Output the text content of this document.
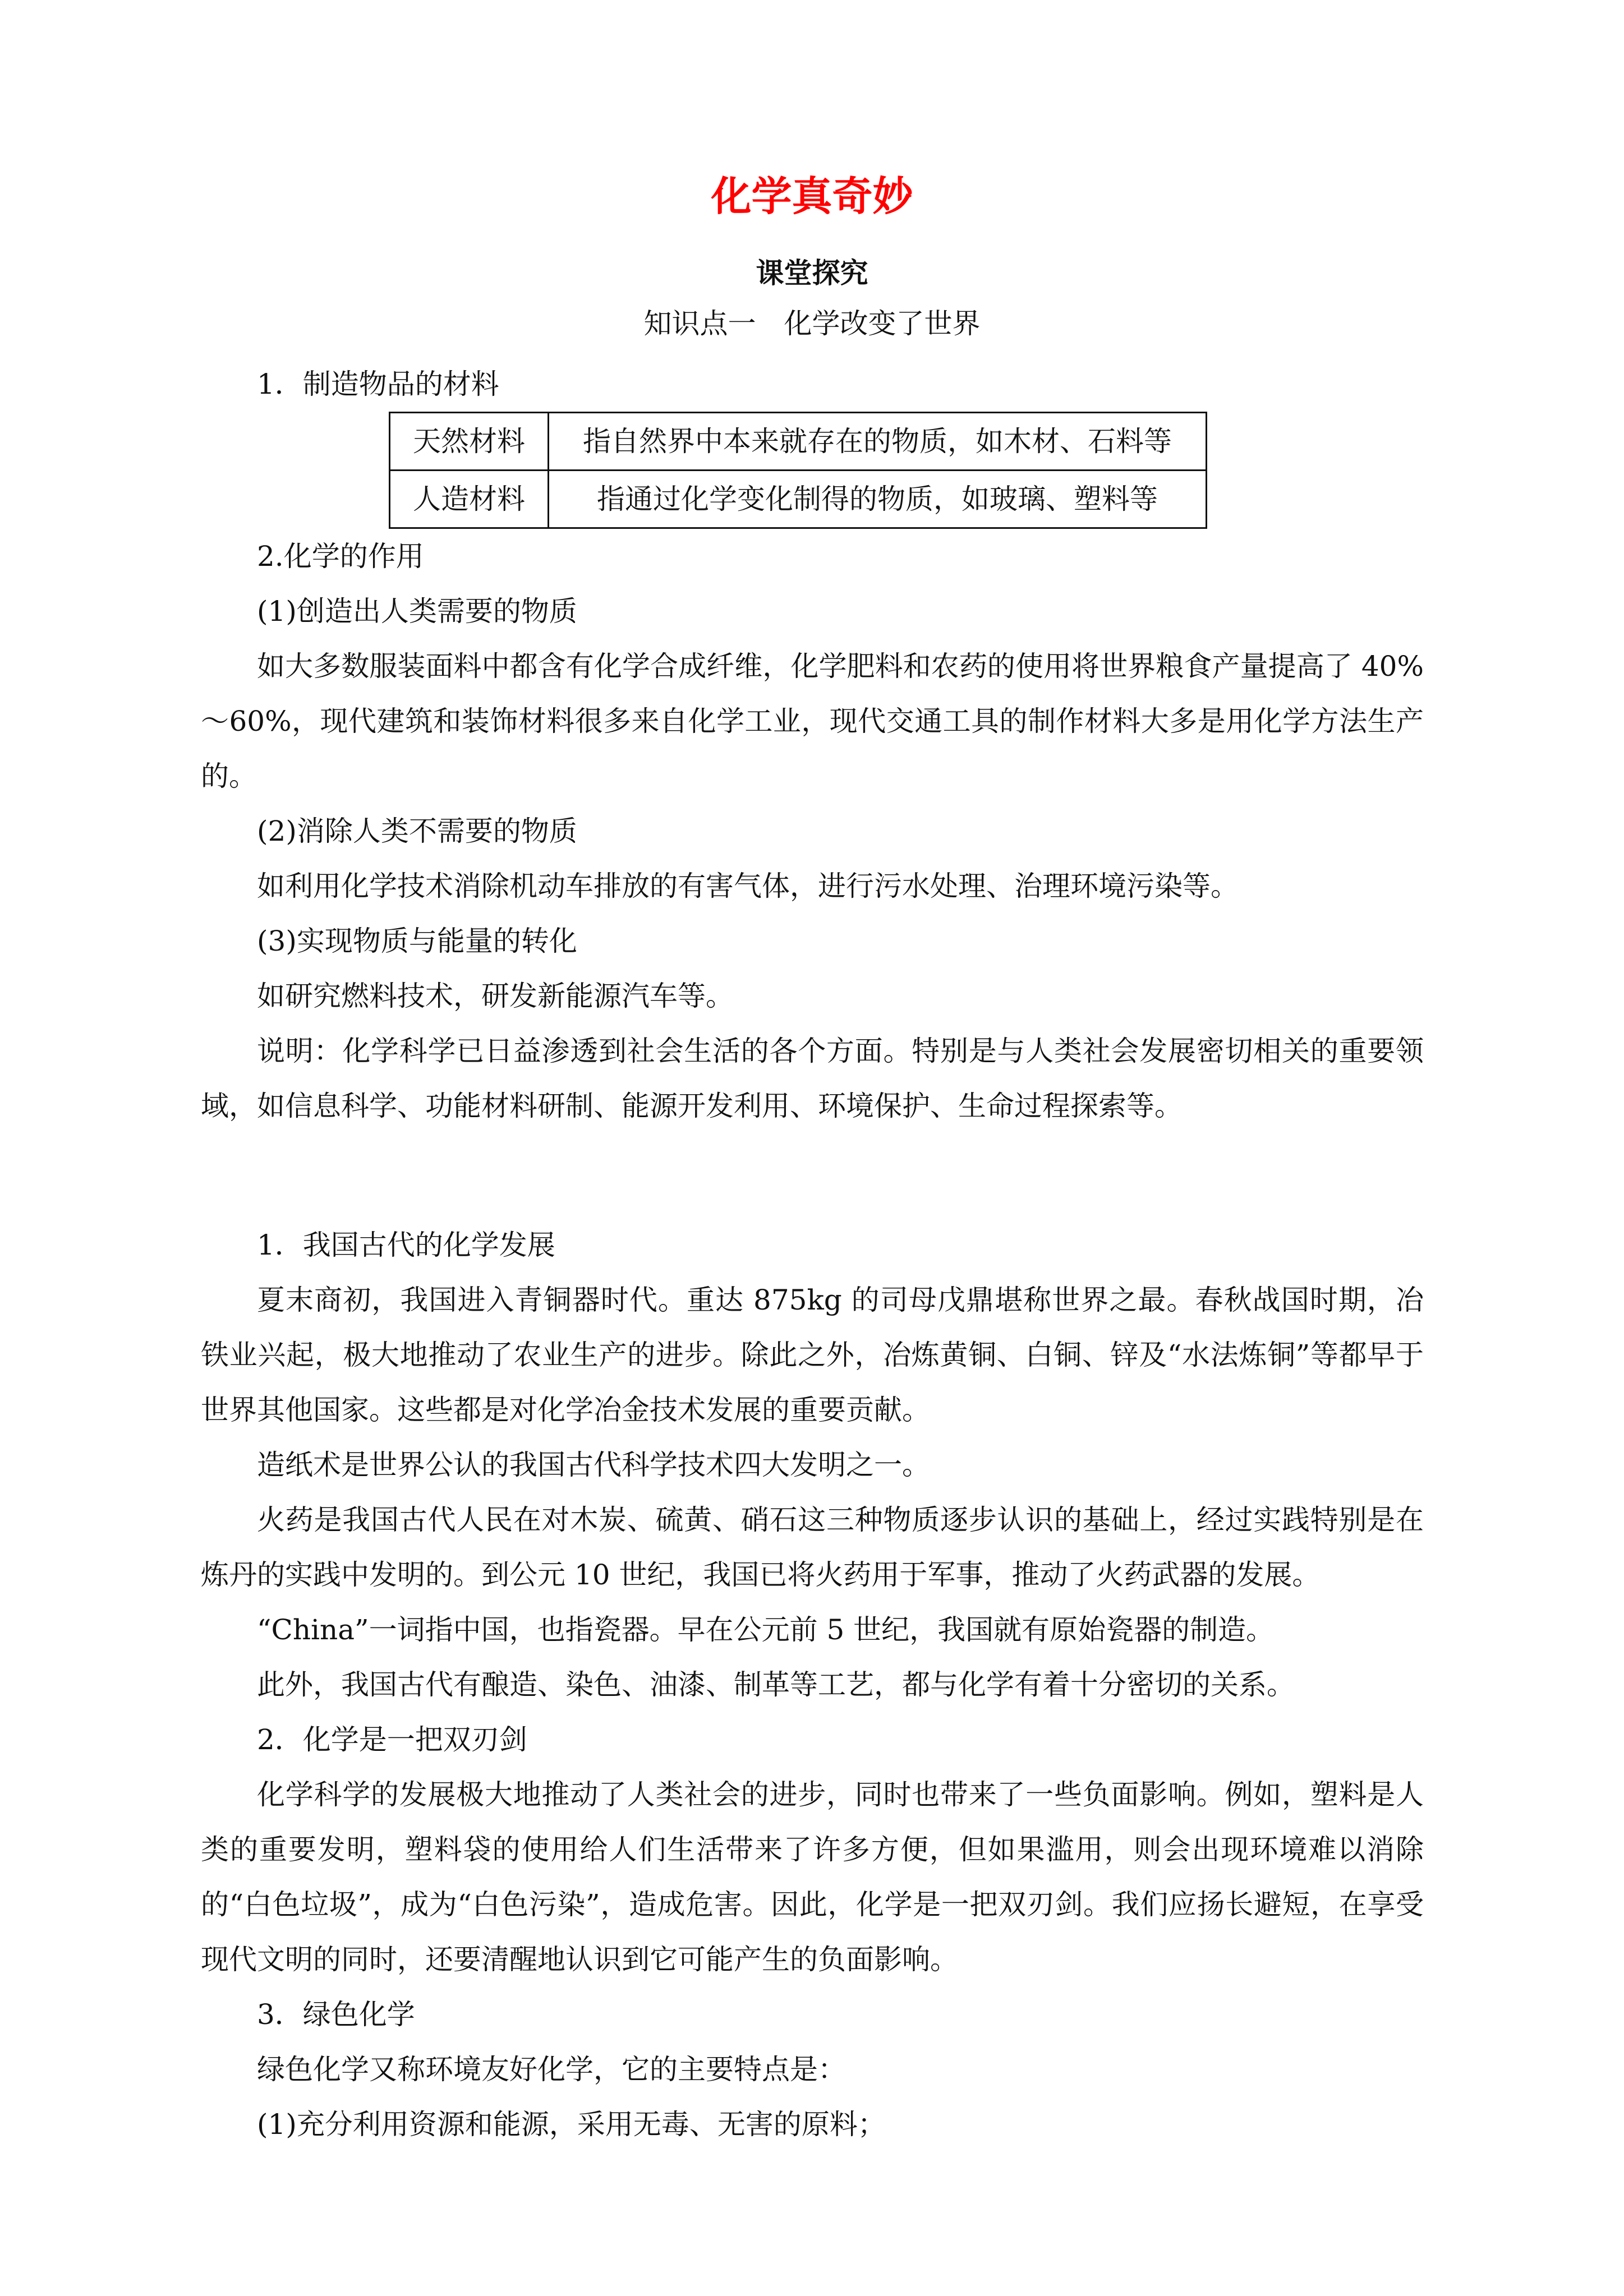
化学真奇妙
课堂探究
知识点一　化学改变了世界

1．制造物品的材料

天然材料	指自然界中本来就存在的物质，如木材、石料等
人造材料	指通过化学变化制得的物质，如玻璃、塑料等

2.化学的作用

(1)创造出人类需要的物质

如大多数服装面料中都含有化学合成纤维，化学肥料和农药的使用将世界粮食产量提高了 40%～60%，现代建筑和装饰材料很多来自化学工业，现代交通工具的制作材料大多是用化学方法生产的。

(2)消除人类不需要的物质

如利用化学技术消除机动车排放的有害气体，进行污水处理、治理环境污染等。

(3)实现物质与能量的转化

如研究燃料技术，研发新能源汽车等。

说明：化学科学已日益渗透到社会生活的各个方面。特别是与人类社会发展密切相关的重要领域，如信息科学、功能材料研制、能源开发利用、环境保护、生命过程探索等。

1．我国古代的化学发展

夏末商初，我国进入青铜器时代。重达 875kg 的司母戊鼎堪称世界之最。春秋战国时期，冶铁业兴起，极大地推动了农业生产的进步。除此之外，冶炼黄铜、白铜、锌及“水法炼铜”等都早于世界其他国家。这些都是对化学冶金技术发展的重要贡献。

造纸术是世界公认的我国古代科学技术四大发明之一。

火药是我国古代人民在对木炭、硫黄、硝石这三种物质逐步认识的基础上，经过实践特别是在炼丹的实践中发明的。到公元 10 世纪，我国已将火药用于军事，推动了火药武器的发展。

“China”一词指中国，也指瓷器。早在公元前 5 世纪，我国就有原始瓷器的制造。

此外，我国古代有酿造、染色、油漆、制革等工艺，都与化学有着十分密切的关系。

2．化学是一把双刃剑

化学科学的发展极大地推动了人类社会的进步，同时也带来了一些负面影响。例如，塑料是人类的重要发明，塑料袋的使用给人们生活带来了许多方便，但如果滥用，则会出现环境难以消除的“白色垃圾”，成为“白色污染”，造成危害。因此，化学是一把双刃剑。我们应扬长避短，在享受现代文明的同时，还要清醒地认识到它可能产生的负面影响。

3．绿色化学

绿色化学又称环境友好化学，它的主要特点是：

(1)充分利用资源和能源，采用无毒、无害的原料；
